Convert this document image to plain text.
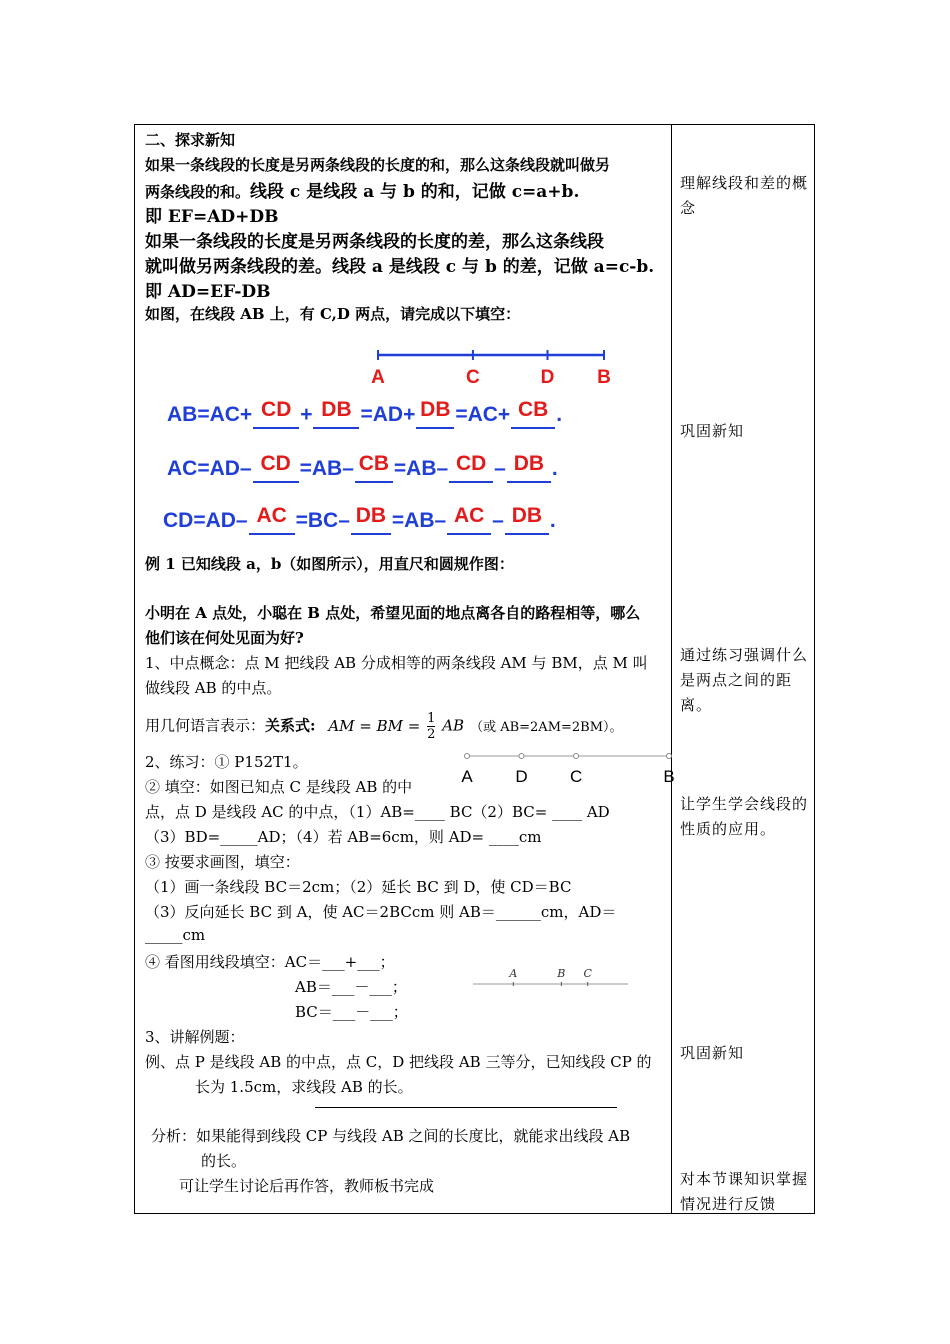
二、探求新知
如果一条线段的长度是另两条线段的长度的和，那么这条线段就叫做另
两条线段的和。线段 c 是线段 a 与 b 的和，记做 c=a+b.
即 EF=AD+DB
如果一条线段的长度是另两条线段的长度的差，那么这条线段
就叫做另两条线段的差。线段 a 是线段 c 与 b 的差，记做 a=c-b.
即 AD=EF-DB
如图，在线段 AB 上，有 C,D 两点，请完成以下填空：
A	C	D B
AB=AC+ CD + DB =AD+ DB =AC+ CB .
AC=AD– CD =AB– CB =AB– CD – DB .
CD=AD– AC =BC– DB =AB– AC – DB .
例 1 已知线段 a，b（如图所示），用直尺和圆规作图：
小明在 A 点处，小聪在 B 点处，希望见面的地点离各自的路程相等，哪么
他们该在何处见面为好?
1、中点概念：点 M 把线段 AB 分成相等的两条线段 AM 与 BM，点 M 叫
做线段 AB 的中点。
用几何语言表示：关系式: AM = BM = $\frac{1}{2}$ AB （或 AB=2AM=2BM）。
2、练习：① P152T1。
A	D C	B
② 填空：如图已知点 C 是线段 AB 的中
点，点 D 是线段 AC 的中点，（1）AB=____ BC（2）BC= ____ AD
（3）BD=_____AD；（4）若 AB=6cm，则 AD= ____cm
③ 按要求画图，填空：
（1）画一条线段 BC＝2cm；（2）延长 BC 到 D，使 CD＝BC
（3）反向延长 BC 到 A，使 AC＝2BCcm 则 AB＝______cm，AD＝
_____cm
④ 看图用线段填空：AC＝___+___；
AB＝___－___；
BC＝___－___；
A	B C
3、讲解例题：
例、点 P 是线段 AB 的中点，点 C，D 把线段 AB 三等分，已知线段 CP 的
长为 1.5cm，求线段 AB 的长。
分析：如果能得到线段 CP 与线段 AB 之间的长度比，就能求出线段 AB
的长。
可让学生讨论后再作答，教师板书完成
理解线段和差的概念
巩固新知
通过练习强调什么是两点之间的距离。
让学生学会线段的性质的应用。
巩固新知
对本节课知识掌握情况进行反馈
